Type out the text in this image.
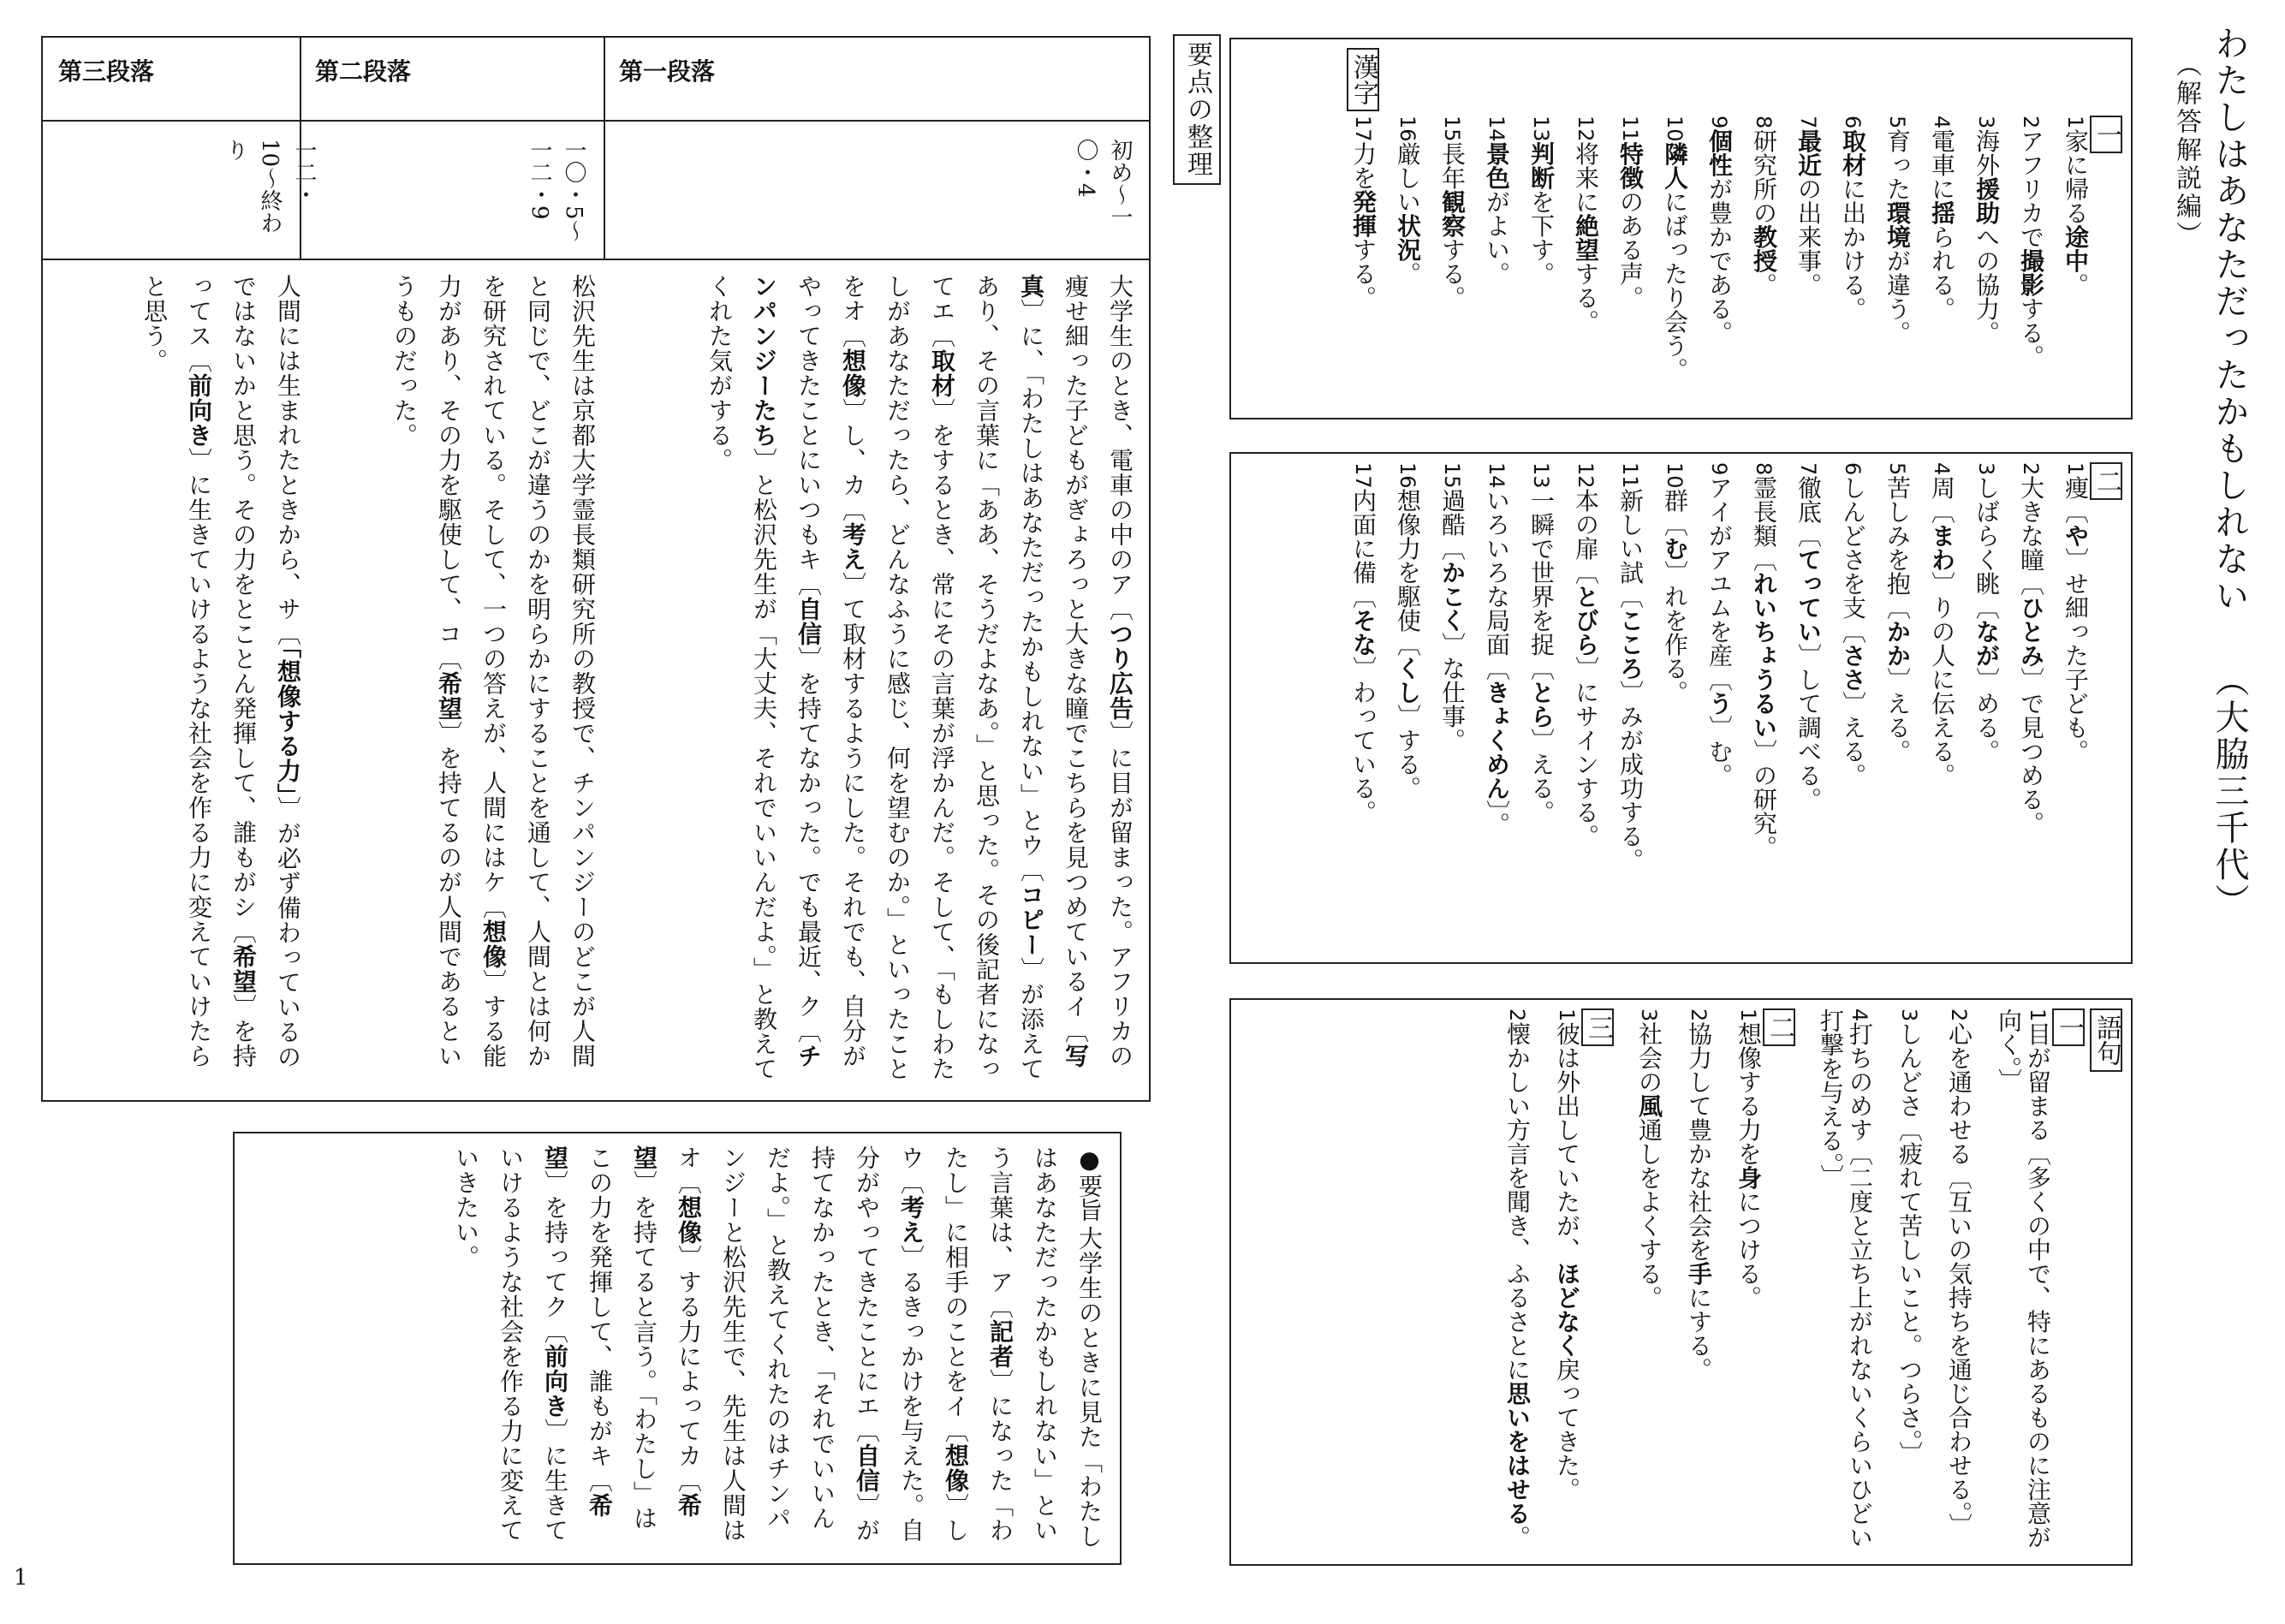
わたしはあなただったかもしれない （大脇三千代） （解答解説編）
漢字 一
1家に帰る途中。
2アフリカで撮影する。
3海外援助への協力。
4電車に揺られる。
5育った環境が違う。
6取材に出かける。
7最近の出来事。
8研究所の教授。
9個性が豊かである。
10隣人にばったり会う。
11特徴のある声。
12将来に絶望する。
13判断を下す。
14景色がよい。
15長年観察する。
16厳しい状況。
17力を発揮する。
二
1痩〔や〕せ細った子ども。
2大きな瞳〔ひとみ〕で見つめる。
3しばらく眺〔なが〕める。
4周〔まわ〕りの人に伝える。
5苦しみを抱〔かか〕える。
6しんどさを支〔ささ〕える。
7徹底〔てってい〕して調べる。
8霊長類〔れいちょうるい〕の研究。
9アイがアユムを産〔う〕む。
10群〔む〕れを作る。
11新しい試〔こころ〕みが成功する。
12本の扉〔とびら〕にサインする。
13一瞬で世界を捉〔とら〕える。
14いろいろな局面〔きょくめん〕。
15過酷〔かこく〕な仕事。
16想像力を駆使〔くし〕する。
17内面に備〔そな〕わっている。
語句 一
1目が留まる〔多くの中で、特にあるものに注意が向く。〕
2心を通わせる〔互いの気持ちを通じ合わせる。〕
3しんどさ〔疲れて苦しいこと。つらさ。〕
4打ちのめす〔二度と立ち上がれないくらいひどい打撃を与える。〕
二
1想像する力を身につける。
2協力して豊かな社会を手にする。
3社会の風通しをよくする。
三
1彼は外出していたが、ほどなく戻ってきた。
2懐かしい方言を聞き、ふるさとに思いをはせる。
要点の整理
第三段落	第二段落	第一段落
初め〜一〇・4
一〇・5〜一二・9
一二・10〜終わり
大学生のとき、電車の中のア〔つり広告〕に目が留まった。アフリカの痩せ細った子どもがぎょろっと大きな瞳でこちらを見つめているイ〔写真〕に、「わたしはあなただったかもしれない」とウ〔コピー〕が添えてあり、その言葉に「ああ、そうだよなあ。」と思った。その後記者になってエ〔取材〕をするとき、常にその言葉が浮かんだ。そして、「もしわたしがあなただったら、どんなふうに感じ、何を望むのか。」といったことをオ〔想像〕し、カ〔考え〕て取材するようにした。それでも、自分がやってきたことにいつもキ〔自信〕を持てなかった。でも最近、ク〔チンパンジーたち〕と松沢先生が「大丈夫、それでいいんだよ。」と教えてくれた気がする。
松沢先生は京都大学霊長類研究所の教授で、チンパンジーのどこが人間と同じで、どこが違うのかを明らかにすることを通して、人間とは何かを研究されている。そして、一つの答えが、人間にはケ〔想像〕する能力があり、その力を駆使して、コ〔希望〕を持てるのが人間であるというものだった。
人間には生まれたときから、サ〔「想像する力」〕が必ず備わっているのではないかと思う。その力をとことん発揮して、誰もがシ〔希望〕を持ってス〔前向き〕に生きていけるような社会を作る力に変えていけたらと思う。
●要旨 大学生のときに見た「わたしはあなただったかもしれない」という言葉は、ア〔記者〕になった「わたし」に相手のことをイ〔想像〕しウ〔考え〕るきっかけを与えた。自分がやってきたことにエ〔自信〕が持てなかったとき、「それでいいんだよ。」と教えてくれたのはチンパンジーと松沢先生で、先生は人間はオ〔想像〕する力によってカ〔希望〕を持てると言う。「わたし」はこの力を発揮して、誰もがキ〔希望〕を持ってク〔前向き〕に生きていけるような社会を作る力に変えていきたい。
1
